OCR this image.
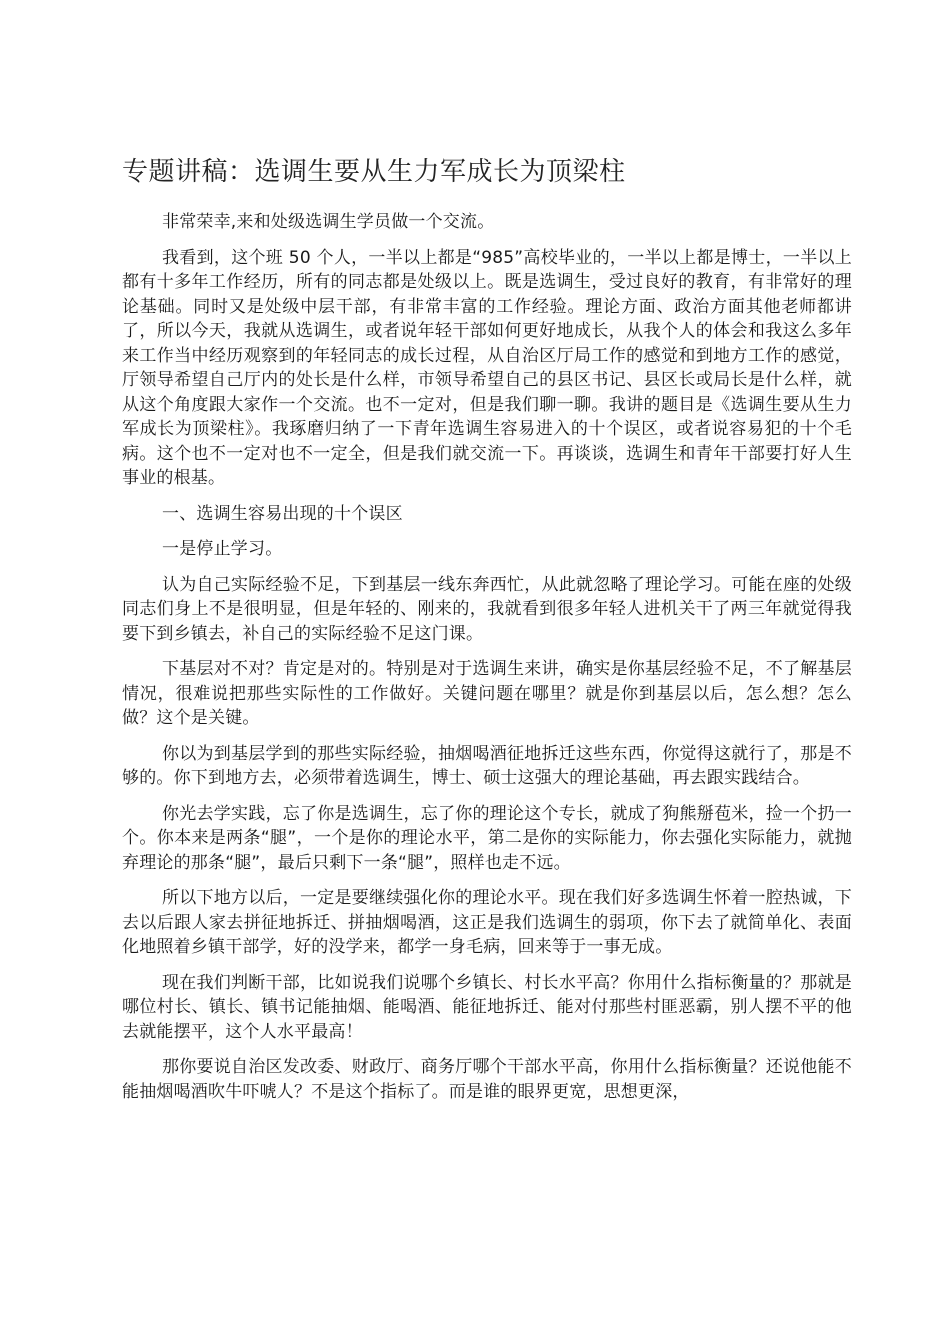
专题讲稿：选调生要从生力军成长为顶梁柱

非常荣幸,来和处级选调生学员做一个交流。

我看到，这个班 50 个人，一半以上都是“985”高校毕业的，一半以上都是博士，一半以上都有十多年工作经历，所有的同志都是处级以上。既是选调生，受过良好的教育，有非常好的理论基础。同时又是处级中层干部，有非常丰富的工作经验。理论方面、政治方面其他老师都讲了，所以今天，我就从选调生，或者说年轻干部如何更好地成长，从我个人的体会和我这么多年来工作当中经历观察到的年轻同志的成长过程，从自治区厅局工作的感觉和到地方工作的感觉，厅领导希望自己厅内的处长是什么样，市领导希望自己的县区书记、县区长或局长是什么样，就从这个角度跟大家作一个交流。也不一定对，但是我们聊一聊。我讲的题目是《选调生要从生力军成长为顶梁柱》。我琢磨归纳了一下青年选调生容易进入的十个误区，或者说容易犯的十个毛病。这个也不一定对也不一定全，但是我们就交流一下。再谈谈，选调生和青年干部要打好人生事业的根基。

一、选调生容易出现的十个误区

一是停止学习。

认为自己实际经验不足，下到基层一线东奔西忙，从此就忽略了理论学习。可能在座的处级同志们身上不是很明显，但是年轻的、刚来的，我就看到很多年轻人进机关干了两三年就觉得我要下到乡镇去，补自己的实际经验不足这门课。

下基层对不对？肯定是对的。特别是对于选调生来讲，确实是你基层经验不足，不了解基层情况，很难说把那些实际性的工作做好。关键问题在哪里？就是你到基层以后，怎么想？怎么做？这个是关键。

你以为到基层学到的那些实际经验，抽烟喝酒征地拆迁这些东西，你觉得这就行了，那是不够的。你下到地方去，必须带着选调生，博士、硕士这强大的理论基础，再去跟实践结合。

你光去学实践，忘了你是选调生，忘了你的理论这个专长，就成了狗熊掰苞米，捡一个扔一个。你本来是两条“腿”，一个是你的理论水平，第二是你的实际能力，你去强化实际能力，就抛弃理论的那条“腿”，最后只剩下一条“腿”，照样也走不远。

所以下地方以后，一定是要继续强化你的理论水平。现在我们好多选调生怀着一腔热诚，下去以后跟人家去拼征地拆迁、拼抽烟喝酒，这正是我们选调生的弱项，你下去了就简单化、表面化地照着乡镇干部学，好的没学来，都学一身毛病，回来等于一事无成。

现在我们判断干部，比如说我们说哪个乡镇长、村长水平高？你用什么指标衡量的？那就是哪位村长、镇长、镇书记能抽烟、能喝酒、能征地拆迁、能对付那些村匪恶霸，别人摆不平的他去就能摆平，这个人水平最高！

那你要说自治区发改委、财政厅、商务厅哪个干部水平高，你用什么指标衡量？还说他能不能抽烟喝酒吹牛吓唬人？不是这个指标了。而是谁的眼界更宽，思想更深，
